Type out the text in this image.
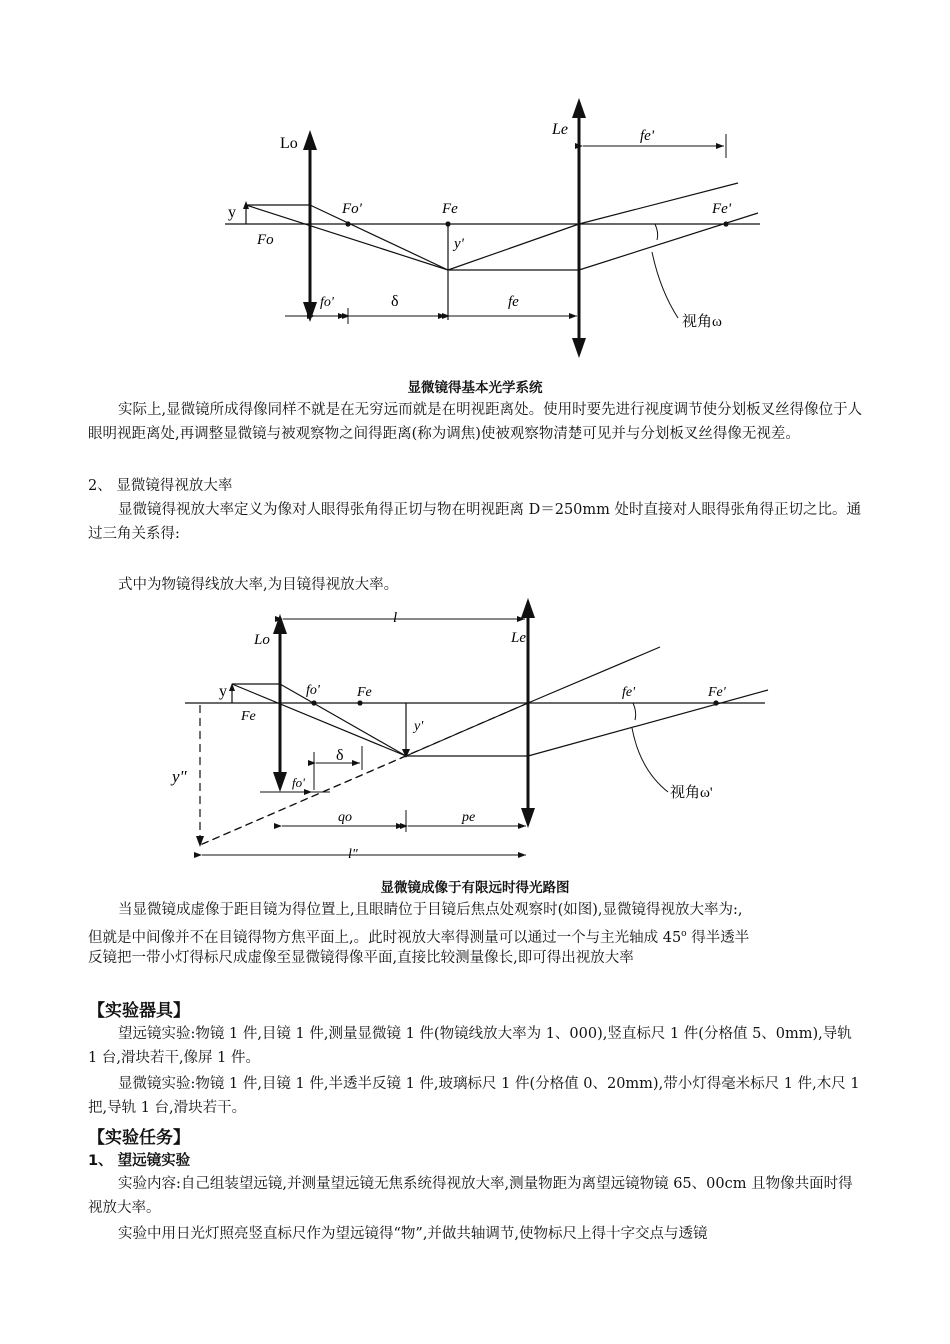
Lo
Le	fe'
y
Fo
Fo'	Fe	Fe'
y'
fo'	δ	fe
视角ω
显微镜得基本光学系统
实际上,显微镜所成得像同样不就是在无穷远而就是在明视距离处。使用时要先进行视度调节使分划板叉丝得像位于人眼明视距离处,再调整显微镜与被观察物之间得距离(称为调焦)使被观察物清楚可见并与分划板叉丝得像无视差。
2、 显微镜得视放大率
显微镜得视放大率定义为像对人眼得张角得正切与物在明视距离 D＝250mm 处时直接对人眼得张角得正切之比。通过三角关系得:
式中为物镜得线放大率,为目镜得视放大率。
l
Lo	Le
y
Fe
fo'	Fe	fe'	Fe'
y'
y"
δ
fo'
qo	pe
l"
视角ω'
显微镜成像于有限远时得光路图
当显微镜成虚像于距目镜为得位置上,且眼睛位于目镜后焦点处观察时(如图),显微镜得视放大率为:,
但就是中间像并不在目镜得物方焦平面上,。此时视放大率得测量可以通过一个与主光轴成 45$^o$ 得半透半
反镜把一带小灯得标尺成虚像至显微镜得像平面,直接比较测量像长,即可得出视放大率
【实验器具】
望远镜实验:物镜 1 件,目镜 1 件,测量显微镜 1 件(物镜线放大率为 1、000),竖直标尺 1 件(分格值 5、0mm),导轨 1 台,滑块若干,像屏 1 件。
显微镜实验:物镜 1 件,目镜 1 件,半透半反镜 1 件,玻璃标尺 1 件(分格值 0、20mm),带小灯得毫米标尺 1 件,木尺 1 把,导轨 1 台,滑块若干。
【实验任务】
1、 望远镜实验
实验内容:自己组装望远镜,并测量望远镜无焦系统得视放大率,测量物距为离望远镜物镜 65、00cm 且物像共面时得视放大率。
实验中用日光灯照亮竖直标尺作为望远镜得“物”,并做共轴调节,使物标尺上得十字交点与透镜
